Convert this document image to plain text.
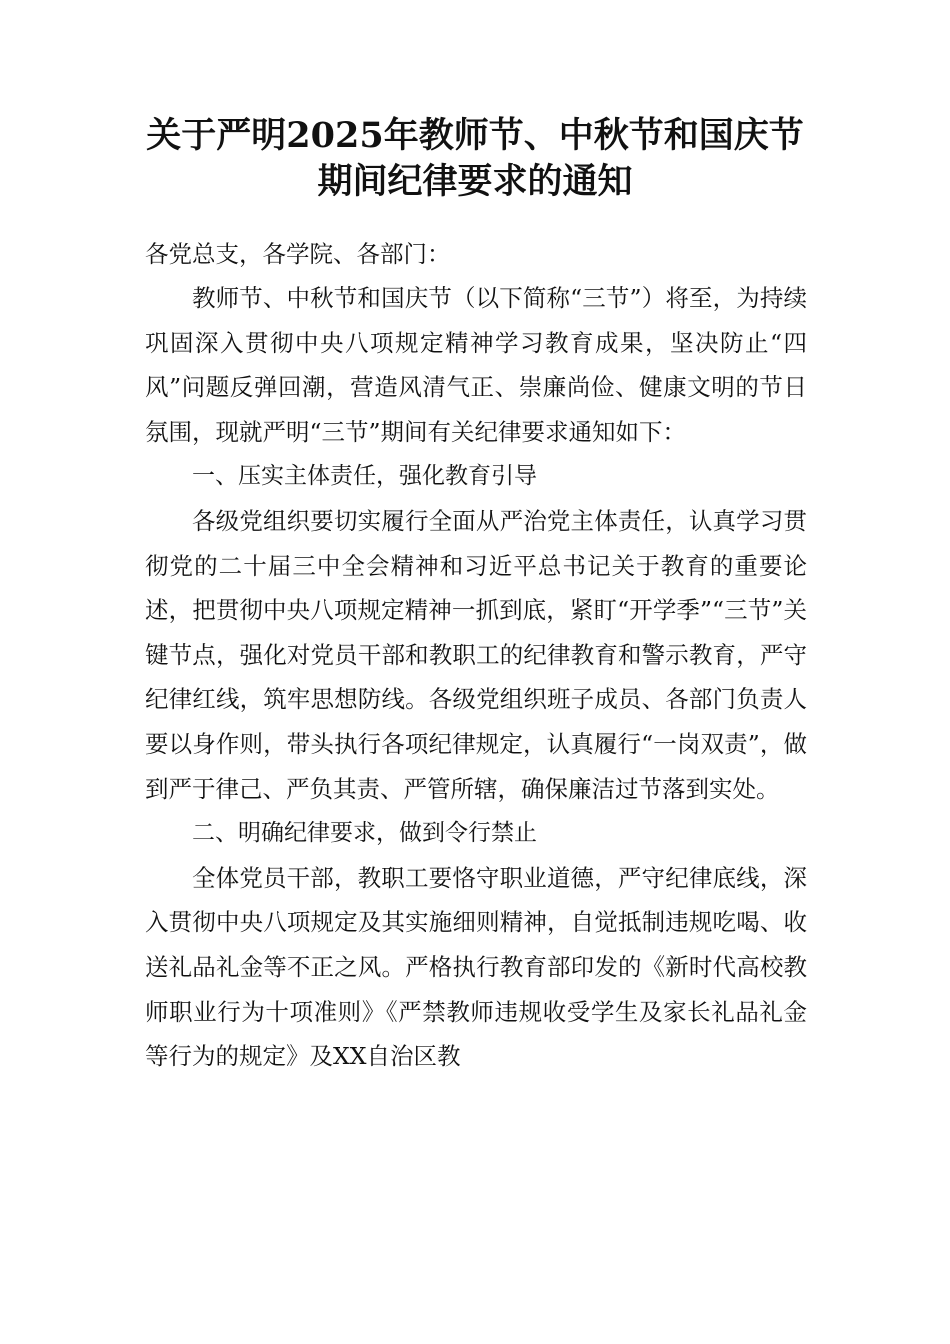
关于严明2025年教师节、中秋节和国庆节
期间纪律要求的通知
各党总支，各学院、各部门：

教师节、中秋节和国庆节（以下简称“三节”）将至，为持续巩固深入贯彻中央八项规定精神学习教育成果，坚决防止“四风”问题反弹回潮，营造风清气正、崇廉尚俭、健康文明的节日氛围，现就严明“三节”期间有关纪律要求通知如下：

一、压实主体责任，强化教育引导

各级党组织要切实履行全面从严治党主体责任，认真学习贯彻党的二十届三中全会精神和习近平总书记关于教育的重要论述，把贯彻中央八项规定精神一抓到底，紧盯“开学季”“三节”关键节点，强化对党员干部和教职工的纪律教育和警示教育，严守纪律红线，筑牢思想防线。各级党组织班子成员、各部门负责人要以身作则，带头执行各项纪律规定，认真履行“一岗双责”，做到严于律己、严负其责、严管所辖，确保廉洁过节落到实处。

二、明确纪律要求，做到令行禁止

全体党员干部，教职工要恪守职业道德，严守纪律底线，深入贯彻中央八项规定及其实施细则精神，自觉抵制违规吃喝、收送礼品礼金等不正之风。严格执行教育部印发的《新时代高校教师职业行为十项准则》《严禁教师违规收受学生及家长礼品礼金等行为的规定》及XX自治区教
